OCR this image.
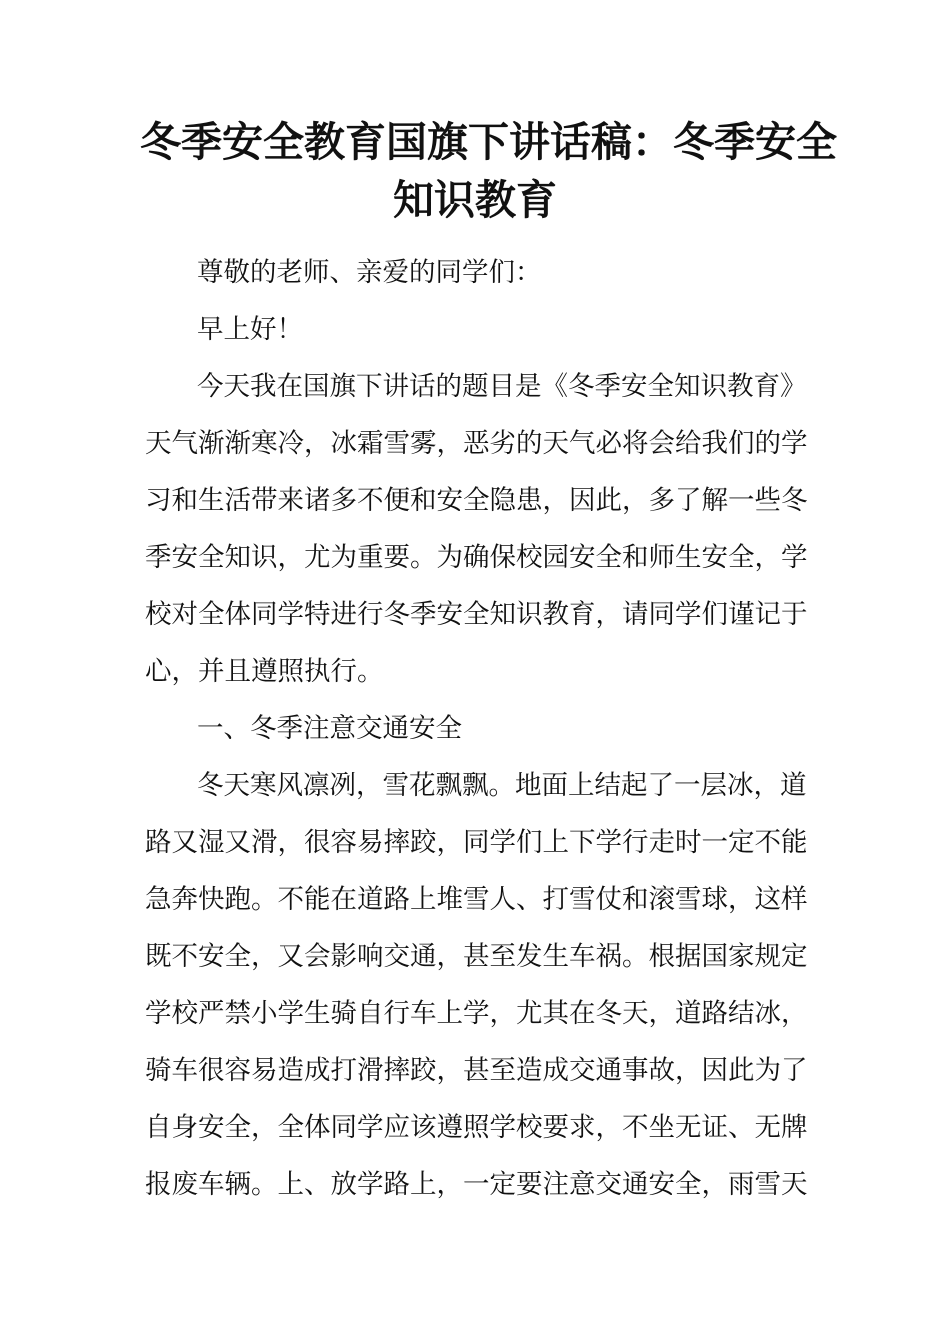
冬季安全教育国旗下讲话稿：冬季安全
知识教育

尊敬的老师、亲爱的同学们：

早上好！

今天我在国旗下讲话的题目是《冬季安全知识教育》

天气渐渐寒冷，冰霜雪雾，恶劣的天气必将会给我们的学

习和生活带来诸多不便和安全隐患，因此，多了解一些冬

季安全知识，尤为重要。为确保校园安全和师生安全，学

校对全体同学特进行冬季安全知识教育，请同学们谨记于

心，并且遵照执行。

一、冬季注意交通安全

冬天寒风凛冽，雪花飘飘。地面上结起了一层冰，道

路又湿又滑，很容易摔跤，同学们上下学行走时一定不能

急奔快跑。不能在道路上堆雪人、打雪仗和滚雪球，这样

既不安全，又会影响交通，甚至发生车祸。根据国家规定

学校严禁小学生骑自行车上学，尤其在冬天，道路结冰，

骑车很容易造成打滑摔跤，甚至造成交通事故，因此为了

自身安全，全体同学应该遵照学校要求，不坐无证、无牌

报废车辆。上、放学路上，一定要注意交通安全，雨雪天
